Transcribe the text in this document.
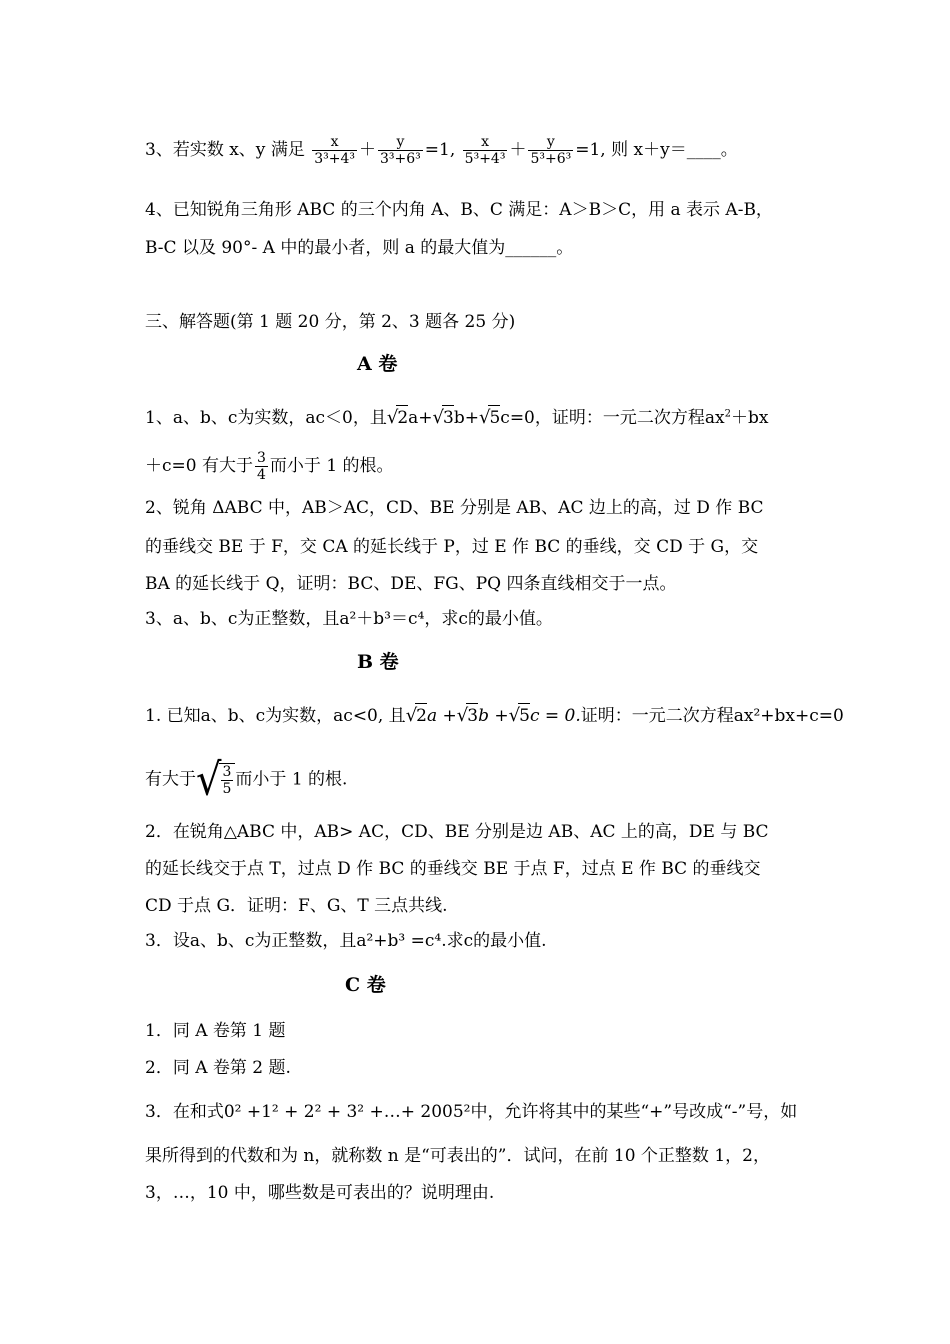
3、若实数 x、y 满足 $\frac{x}{\text{3³+4³}} + \frac{y}{\text{3³+6³}} =1$, $\frac{x}{\text{5³+4³}} + \frac{y}{\text{5³+6³}} =1$, 则 x＋y＝____。
4、已知锐角三角形 ABC 的三个内角 A、B、C 满足：A＞B＞C，用 a 表示 A-B，
B-C 以及 90°- A 中的最小者，则 a 的最大值为______。
三、解答题(第 1 题 20 分，第 2、3 题各 25 分)
A 卷
1、a、b、c为实数，ac＜0，且√2a+√3b+√5c=0，证明：一元二次方程$ax^2+bx$
＋c=0 有大于 $\frac{3}{4}$ 而小于 1 的根。
2、锐角 ΔABC 中，AB＞AC，CD、BE 分别是 AB、AC 边上的高，过 D 作 BC
的垂线交 BE 于 F，交 CA 的延长线于 P，过 E 作 BC 的垂线，交 CD 于 G，交
BA 的延长线于 Q，证明：BC、DE、FG、PQ 四条直线相交于一点。
3、a、b、c为正整数，且a²＋b³＝c⁴，求c的最小值。
B 卷
1. 已知a、b、c为实数，ac<0, 且√2a +√3b +√5c = 0.证明：一元二次方程ax²+bx+c=0
有大于 √ $\frac{3}{5}$ 而小于 1 的根.
2．在锐角△ABC 中，AB> AC，CD、BE 分别是边 AB、AC 上的高，DE 与 BC
的延长线交于点 T，过点 D 作 BC 的垂线交 BE 于点 F，过点 E 作 BC 的垂线交
CD 于点 G．证明：F、G、T 三点共线.
3．设a、b、c为正整数，且a²+b³ =c⁴.求c的最小值.
C 卷
1．同 A 卷第 1 题
2．同 A 卷第 2 题.
3．在和式0² +1² + 2² + 3² +…+ 2005²中，允许将其中的某些“+”号改成“-”号，如
果所得到的代数和为 n，就称数 n 是“可表出的”．试问，在前 10 个正整数 1，2，
3，…，10 中，哪些数是可表出的？说明理由.
